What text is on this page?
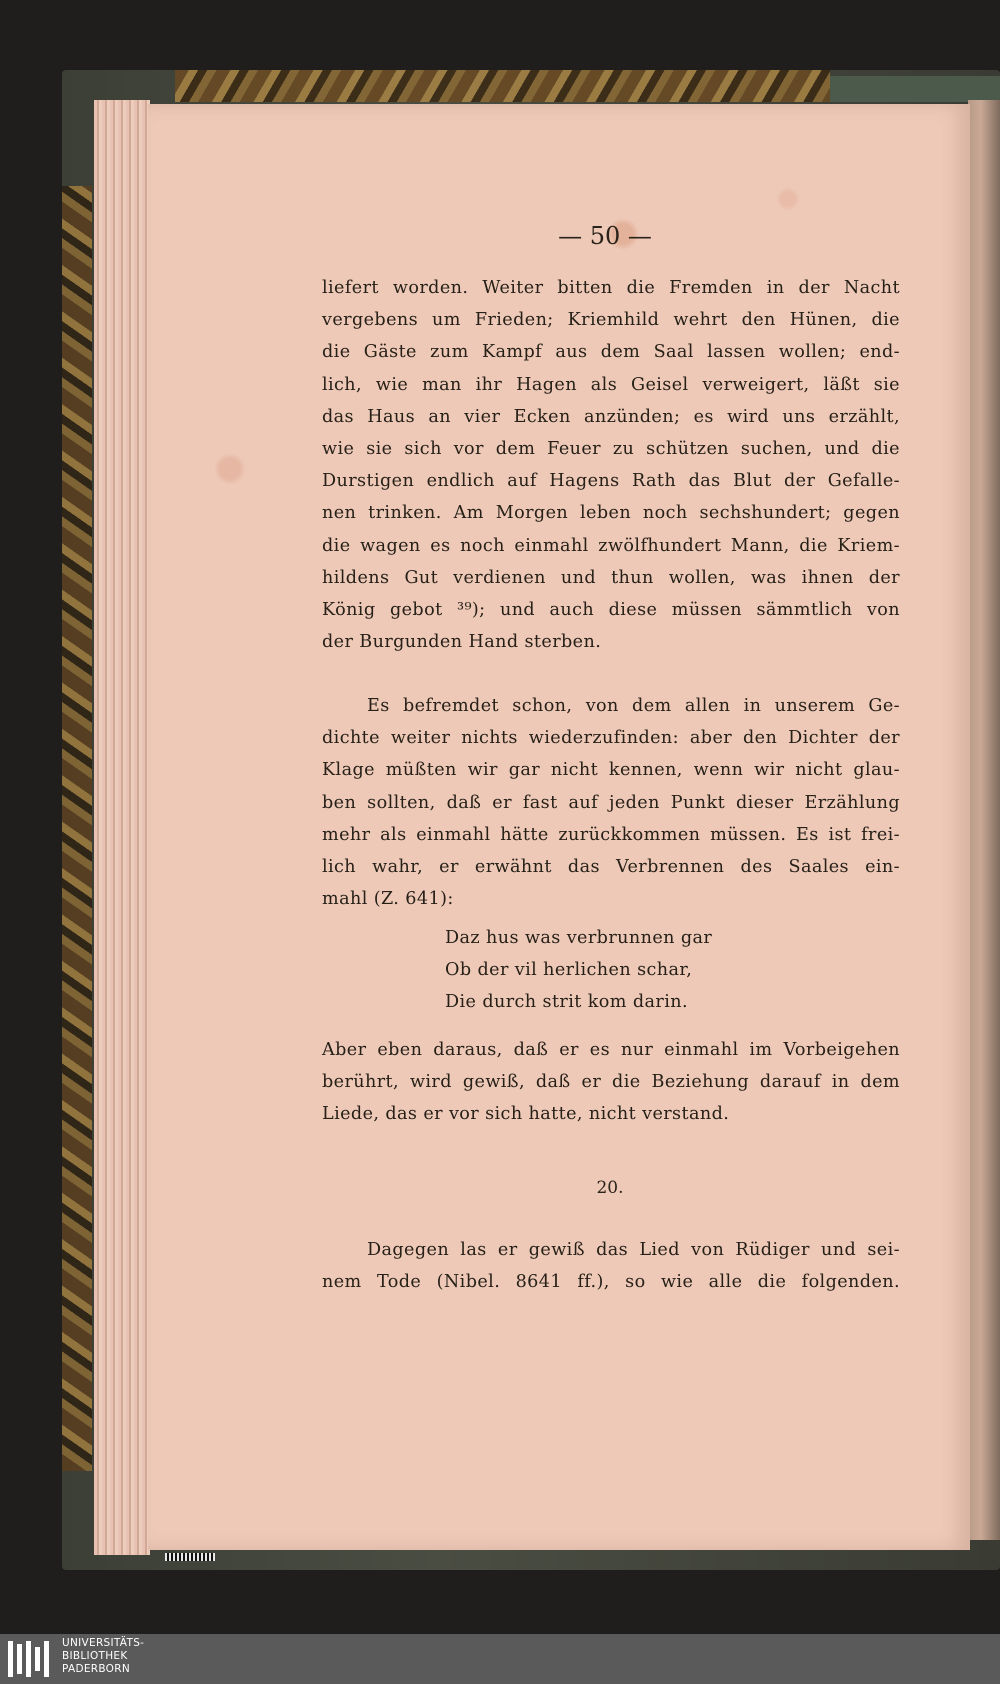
— 50 —
liefert worden. Weiter bitten die Fremden in der Nacht
vergebens um Frieden; Kriemhild wehrt den Hünen, die
die Gäste zum Kampf aus dem Saal lassen wollen; end-
lich, wie man ihr Hagen als Geisel verweigert, läßt sie
das Haus an vier Ecken anzünden; es wird uns erzählt,
wie sie sich vor dem Feuer zu schützen suchen, und die
Durstigen endlich auf Hagens Rath das Blut der Gefalle-
nen trinken. Am Morgen leben noch sechshundert; gegen
die wagen es noch einmahl zwölfhundert Mann, die Kriem-
hildens Gut verdienen und thun wollen, was ihnen der
König gebot ³⁹); und auch diese müssen sämmtlich von
der Burgunden Hand sterben.
Es befremdet schon, von dem allen in unserem Ge-
dichte weiter nichts wiederzufinden: aber den Dichter der
Klage müßten wir gar nicht kennen, wenn wir nicht glau-
ben sollten, daß er fast auf jeden Punkt dieser Erzählung
mehr als einmahl hätte zurückkommen müssen. Es ist frei-
lich wahr, er erwähnt das Verbrennen des Saales ein-
mahl (Z. 641):
Daz hus was verbrunnen gar
Ob der vil herlichen schar,
Die durch strit kom darin.
Aber eben daraus, daß er es nur einmahl im Vorbeigehen
berührt, wird gewiß, daß er die Beziehung darauf in dem
Liede, das er vor sich hatte, nicht verstand.
20.
Dagegen las er gewiß das Lied von Rüdiger und sei-
nem Tode (Nibel. 8641 ff.), so wie alle die folgenden.
UNIVERSITÄTS-
BIBLIOTHEK
PADERBORN
